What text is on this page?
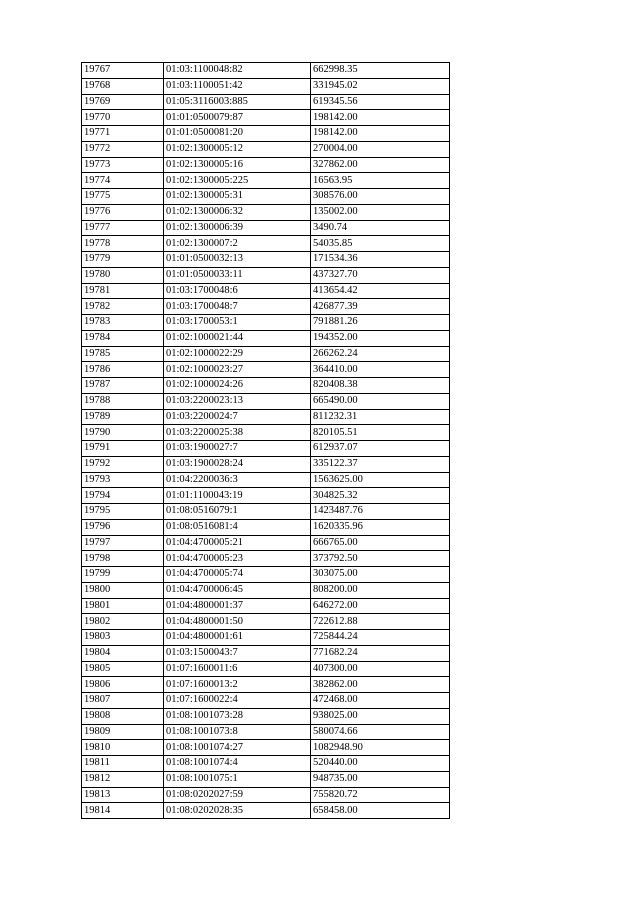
19767	01:03:1100048:82	662998.35
19768	01:03:1100051:42	331945.02
19769	01:05:3116003:885	619345.56
19770	01:01:0500079:87	198142.00
19771	01:01:0500081:20	198142.00
19772	01:02:1300005:12	270004.00
19773	01:02:1300005:16	327862.00
19774	01:02:1300005:225	16563.95
19775	01:02:1300005:31	308576.00
19776	01:02:1300006:32	135002.00
19777	01:02:1300006:39	3490.74
19778	01:02:1300007:2	54035.85
19779	01:01:0500032:13	171534.36
19780	01:01:0500033:11	437327.70
19781	01:03:1700048:6	413654.42
19782	01:03:1700048:7	426877.39
19783	01:03:1700053:1	791881.26
19784	01:02:1000021:44	194352.00
19785	01:02:1000022:29	266262.24
19786	01:02:1000023:27	364410.00
19787	01:02:1000024:26	820408.38
19788	01:03:2200023:13	665490.00
19789	01:03:2200024:7	811232.31
19790	01:03:2200025:38	820105.51
19791	01:03:1900027:7	612937.07
19792	01:03:1900028:24	335122.37
19793	01:04:2200036:3	1563625.00
19794	01:01:1100043:19	304825.32
19795	01:08:0516079:1	1423487.76
19796	01:08:0516081:4	1620335.96
19797	01:04:4700005:21	666765.00
19798	01:04:4700005:23	373792.50
19799	01:04:4700005:74	303075.00
19800	01:04:4700006:45	808200.00
19801	01:04:4800001:37	646272.00
19802	01:04:4800001:50	722612.88
19803	01:04:4800001:61	725844.24
19804	01:03:1500043:7	771682.24
19805	01:07:1600011:6	407300.00
19806	01:07:1600013:2	382862.00
19807	01:07:1600022:4	472468.00
19808	01:08:1001073:28	938025.00
19809	01:08:1001073:8	580074.66
19810	01:08:1001074:27	1082948.90
19811	01:08:1001074:4	520440.00
19812	01:08:1001075:1	948735.00
19813	01:08:0202027:59	755820.72
19814	01:08:0202028:35	658458.00
